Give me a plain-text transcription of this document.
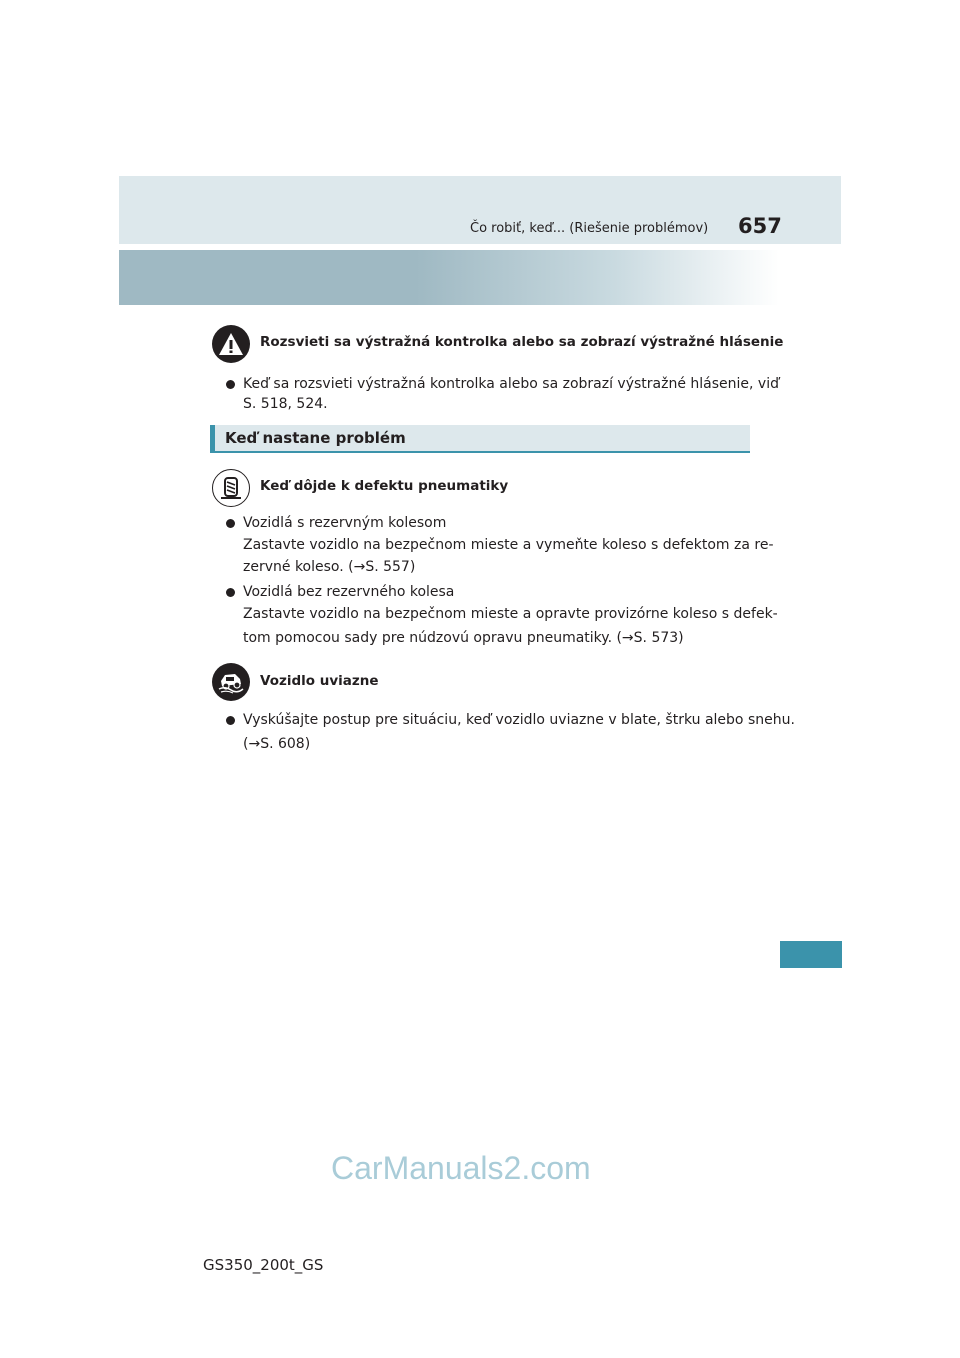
Čo robiť, keď... (Riešenie problémov) 657
Rozsvieti sa výstražná kontrolka alebo sa zobrazí výstražné hlásenie
Keď sa rozsvieti výstražná kontrolka alebo sa zobrazí výstražné hlásenie, viď
S. 518, 524.
Keď nastane problém
Keď dôjde k defektu pneumatiky
Vozidlá s rezervným kolesom
Zastavte vozidlo na bezpečnom mieste a vymeňte koleso s defektom za re-
zervné koleso. (→S. 557)
Vozidlá bez rezervného kolesa
Zastavte vozidlo na bezpečnom mieste a opravte provizórne koleso s defek-
tom pomocou sady pre núdzovú opravu pneumatiky. (→S. 573)
Vozidlo uviazne
Vyskúšajte postup pre situáciu, keď vozidlo uviazne v blate, štrku alebo snehu.
(→S. 608)
CarManuals2.com
GS350_200t_GS
